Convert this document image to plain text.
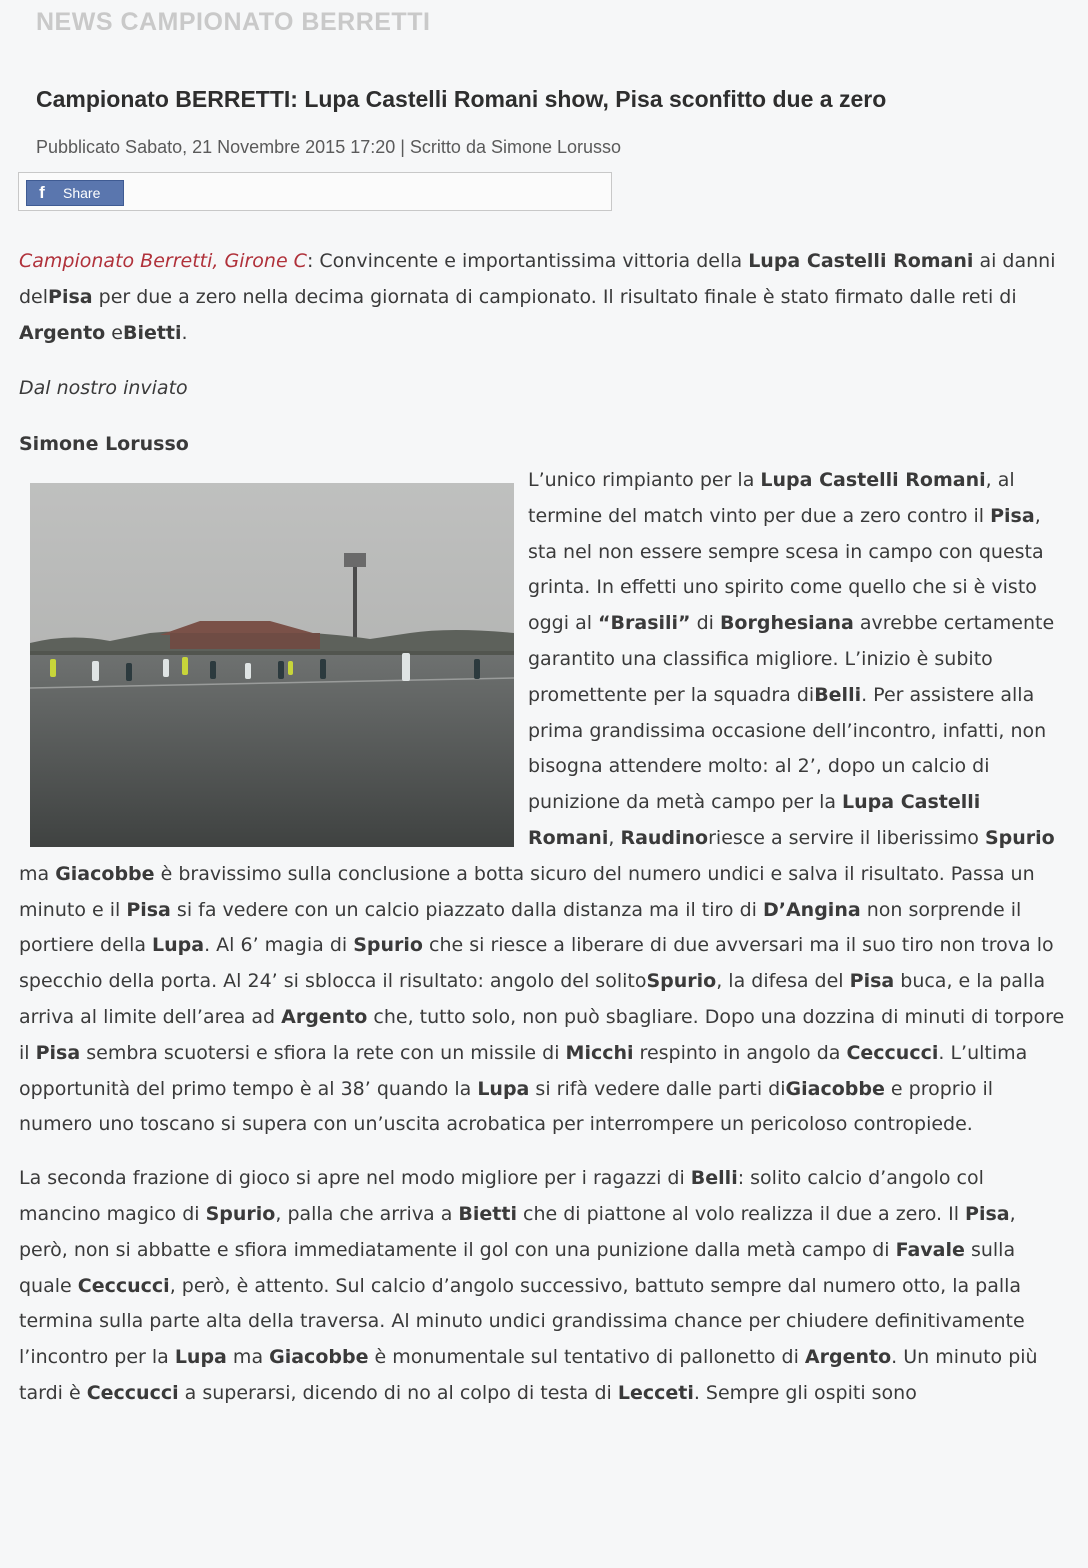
NEWS CAMPIONATO BERRETTI
Campionato BERRETTI: Lupa Castelli Romani show, Pisa sconfitto due a zero
Pubblicato Sabato, 21 Novembre 2015 17:20 | Scritto da Simone Lorusso
f	Share

Campionato Berretti, Girone C: Convincente e importantissima vittoria della Lupa Castelli Romani ai danni delPisa per due a zero nella decima giornata di campionato. Il risultato finale è stato firmato dalle reti di Argento eBietti.

Dal nostro inviato

Simone Lorusso

L’unico rimpianto per la Lupa Castelli Romani, al termine del match vinto per due a zero contro il Pisa, sta nel non essere sempre scesa in campo con questa grinta. In effetti uno spirito come quello che si è visto oggi al “Brasili” di Borghesiana avrebbe certamente garantito una classifica migliore. L’inizio è subito promettente per la squadra diBelli. Per assistere alla prima grandissima occasione dell’incontro, infatti, non bisogna attendere molto: al 2’, dopo un calcio di punizione da metà campo per la Lupa Castelli Romani, Raudinoriesce a servire il liberissimo Spurio ma Giacobbe è bravissimo sulla conclusione a botta sicuro del numero undici e salva il risultato. Passa un minuto e il Pisa si fa vedere con un calcio piazzato dalla distanza ma il tiro di D’Angina non sorprende il portiere della Lupa. Al 6’ magia di Spurio che si riesce a liberare di due avversari ma il suo tiro non trova lo specchio della porta. Al 24’ si sblocca il risultato: angolo del solitoSpurio, la difesa del Pisa buca, e la palla arriva al limite dell’area ad Argento che, tutto solo, non può sbagliare. Dopo una dozzina di minuti di torpore il Pisa sembra scuotersi e sfiora la rete con un missile di Micchi respinto in angolo da Ceccucci. L’ultima opportunità del primo tempo è al 38’ quando la Lupa si rifà vedere dalle parti diGiacobbe e proprio il numero uno toscano si supera con un’uscita acrobatica per interrompere un pericoloso contropiede.

La seconda frazione di gioco si apre nel modo migliore per i ragazzi di Belli: solito calcio d’angolo col mancino magico di Spurio, palla che arriva a Bietti che di piattone al volo realizza il due a zero. Il Pisa, però, non si abbatte e sfiora immediatamente il gol con una punizione dalla metà campo di Favale sulla quale Ceccucci, però, è attento. Sul calcio d’angolo successivo, battuto sempre dal numero otto, la palla termina sulla parte alta della traversa. Al minuto undici grandissima chance per chiudere definitivamente l’incontro per la Lupa ma Giacobbe è monumentale sul tentativo di pallonetto di Argento. Un minuto più tardi è Ceccucci a superarsi, dicendo di no al colpo di testa di Lecceti. Sempre gli ospiti sono
